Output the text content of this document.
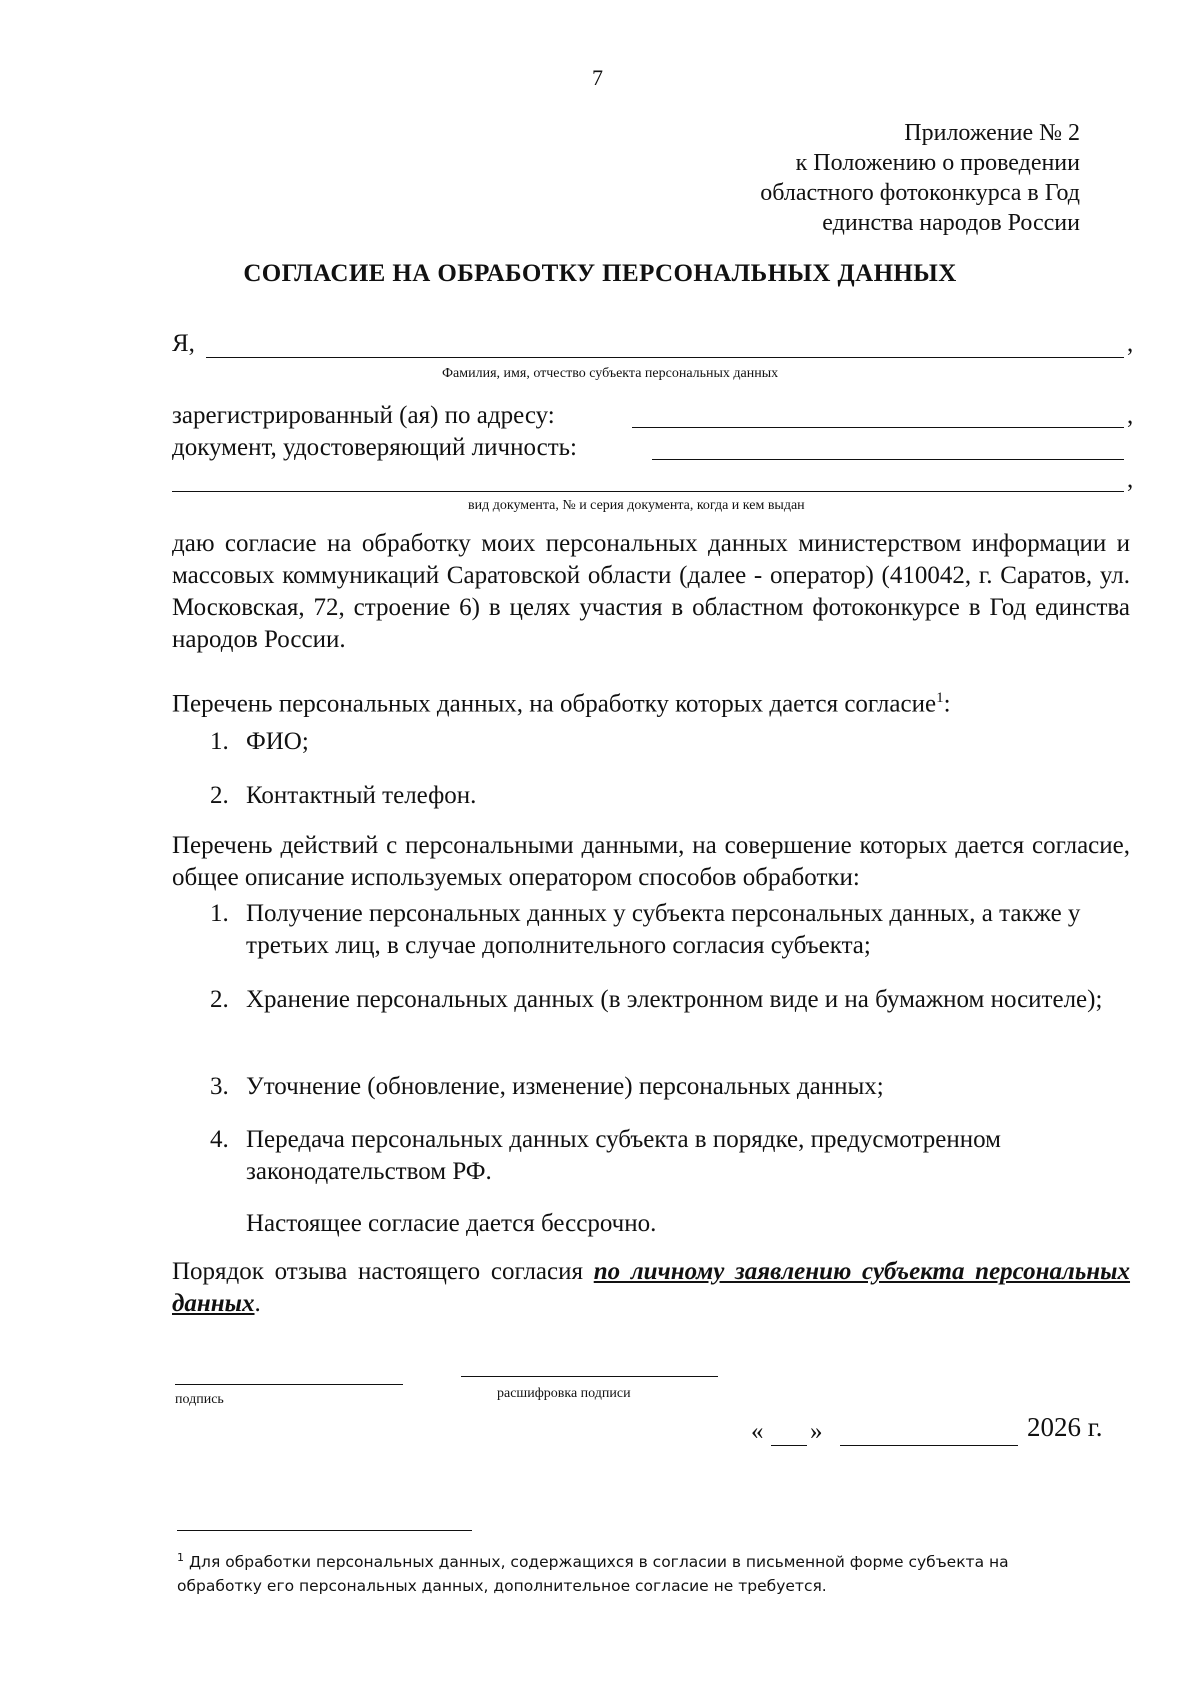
7
Приложение № 2
к Положению о проведении
областного фотоконкурса в Год
единства народов России
СОГЛАСИЕ НА ОБРАБОТКУ ПЕРСОНАЛЬНЫХ ДАННЫХ
Я,	,
Фамилия, имя, отчество субъекта персональных данных
зарегистрированный (ая) по адресу:	,
документ, удостоверяющий личность:
,
вид документа, № и серия документа, когда и кем выдан
даю согласие на обработку моих персональных данных министерством информации и массовых коммуникаций Саратовской области (далее - оператор) (410042, г. Саратов, ул. Московская, 72, строение 6) в целях участия в областном фотоконкурсе в Год единства народов России.
Перечень персональных данных, на обработку которых дается согласие$^1$:
1. ФИО;
2. Контактный телефон.
Перечень действий с персональными данными, на совершение которых дается согласие, общее описание используемых оператором способов обработки:
1. Получение персональных данных у субъекта персональных данных, а также у третьих лиц, в случае дополнительного согласия субъекта;
2. Хранение персональных данных (в электронном виде и на бумажном носителе);
3. Уточнение (обновление, изменение) персональных данных;
4. Передача персональных данных субъекта в порядке, предусмотренном законодательством РФ.
Настоящее согласие дается бессрочно.
Порядок отзыва настоящего согласия по личному заявлению субъекта персональных данных.
подпись	расшифровка подписи
« »	2026 г.
$^1$ Для обработки персональных данных, содержащихся в согласии в письменной форме субъекта на обработку его персональных данных, дополнительное согласие не требуется.
